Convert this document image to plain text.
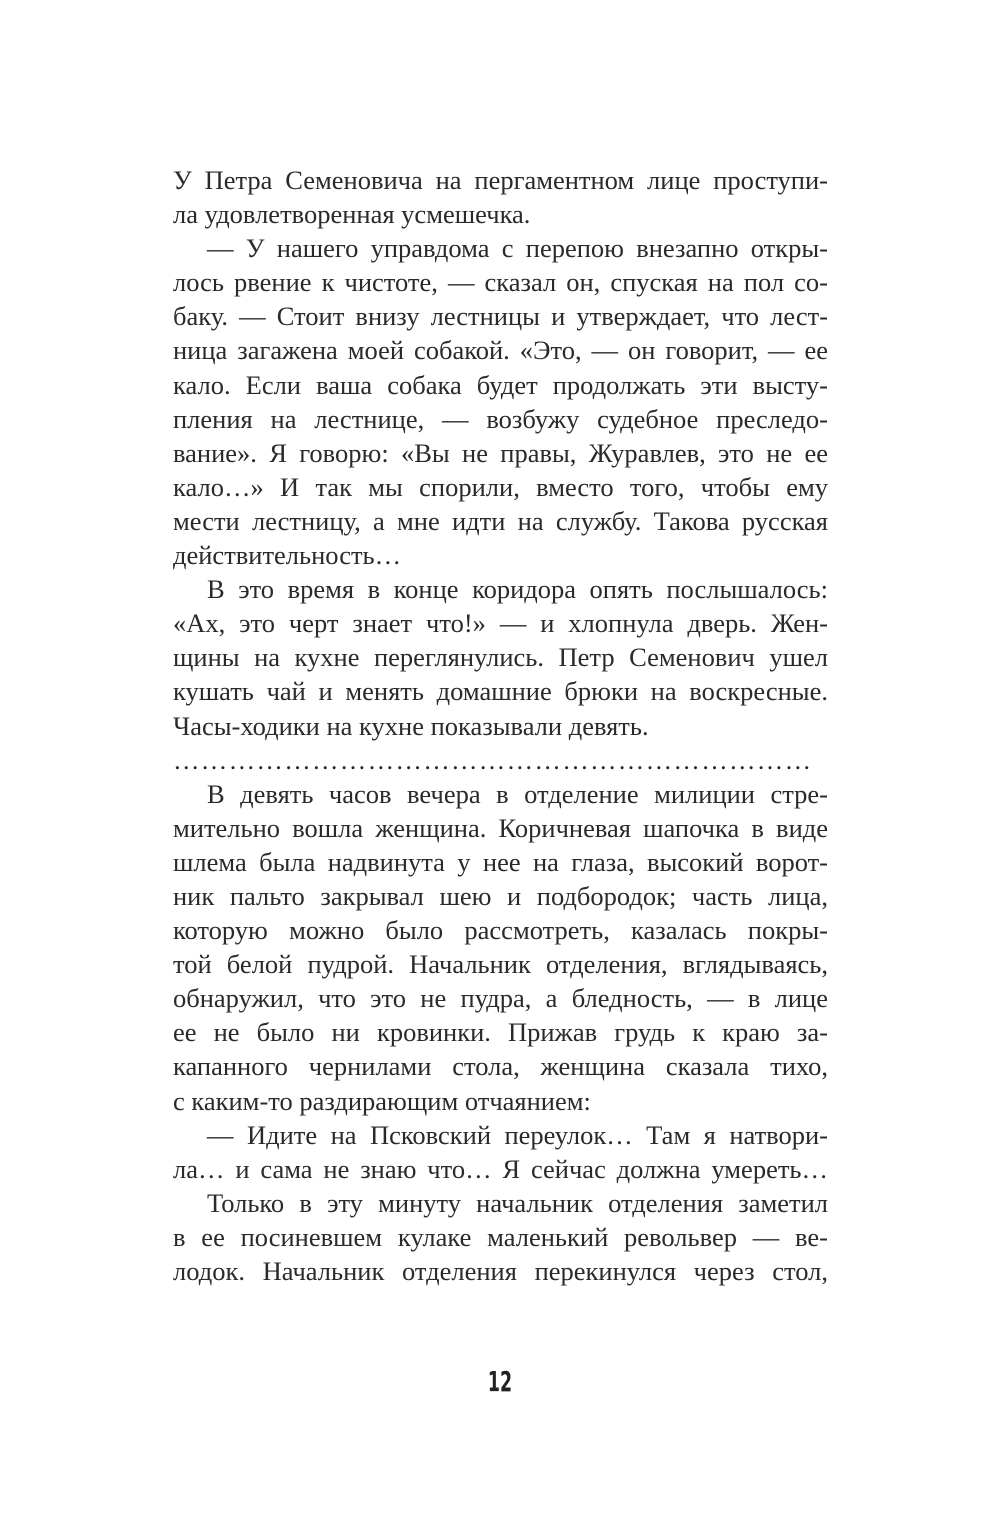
У Петра Семеновича на пергаментном лице проступи-
ла удовлетворенная усмешечка.
— У нашего управдома с перепою внезапно откры-
лось рвение к чистоте, — сказал он, спуская на пол со-
баку. — Стоит внизу лестницы и утверждает, что лест-
ница загажена моей собакой. «Это, — он говорит, — ее
кало. Если ваша собака будет продолжать эти высту-
пления на лестнице, — возбужу судебное преследо-
вание». Я говорю: «Вы не правы, Журавлев, это не ее
кало…» И так мы спорили, вместо того, чтобы ему
мести лестницу, а мне идти на службу. Такова русская
действительность…
В это время в конце коридора опять послышалось:
«Ах, это черт знает что!» — и хлопнула дверь. Жен-
щины на кухне переглянулись. Петр Семенович ушел
кушать чай и менять домашние брюки на воскресные.
Часы-ходики на кухне показывали девять.
……………………………………………………………
В девять часов вечера в отделение милиции стре-
мительно вошла женщина. Коричневая шапочка в виде
шлема была надвинута у нее на глаза, высокий ворот-
ник пальто закрывал шею и подбородок; часть лица,
которую можно было рассмотреть, казалась покры-
той белой пудрой. Начальник отделения, вглядываясь,
обнаружил, что это не пудра, а бледность, — в лице
ее не было ни кровинки. Прижав грудь к краю за-
капанного чернилами стола, женщина сказала тихо,
с каким-то раздирающим отчаянием:
— Идите на Псковский переулок… Там я натвори-
ла… и сама не знаю что… Я сейчас должна умереть…
Только в эту минуту начальник отделения заметил
в ее посиневшем кулаке маленький револьвер — ве-
лодок. Начальник отделения перекинулся через стол,
12
